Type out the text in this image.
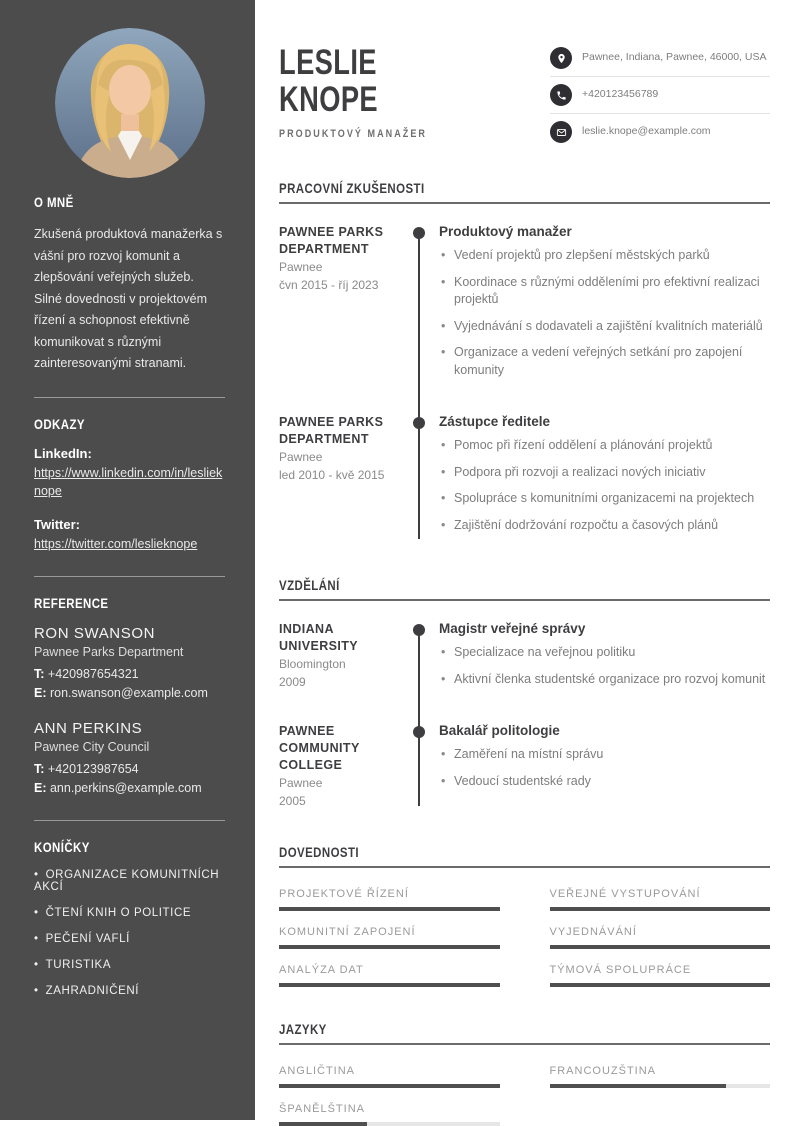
O MNĚ

Zkušená produktová manažerka s vášní pro rozvoj komunit a zlepšování veřejných služeb. Silné dovednosti v projektovém řízení a schopnost efektivně komunikovat s různými zainteresovanými stranami.

ODKAZY
LinkedIn:
https://www.linkedin.com/in/leslieknope
Twitter:
https://twitter.com/leslieknope
REFERENCE
RON SWANSON
Pawnee Parks Department
T: +420987654321
E: ron.swanson@example.com
ANN PERKINS
Pawnee City Council
T: +420123987654
E: ann.perkins@example.com
KONÍČKY
• ORGANIZACE KOMUNITNÍCH AKCÍ
• ČTENÍ KNIH O POLITICE
• PEČENÍ VAFLÍ
• TURISTIKA
• ZAHRADNIČENÍ
LESLIE
KNOPE
PRODUKTOVÝ MANAŽER
Pawnee, Indiana, Pawnee, 46000, USA
+420123456789
leslie.knope@example.com
PRACOVNÍ ZKUŠENOSTI
PAWNEE PARKS DEPARTMENT
Pawnee
čvn 2015 - říj 2023
Produktový manažer
• Vedení projektů pro zlepšení městských parků
• Koordinace s různými odděleními pro efektivní realizaci projektů
• Vyjednávání s dodavateli a zajištění kvalitních materiálů
• Organizace a vedení veřejných setkání pro zapojení komunity
PAWNEE PARKS DEPARTMENT
Pawnee
led 2010 - kvě 2015
Zástupce ředitele
• Pomoc při řízení oddělení a plánování projektů
• Podpora při rozvoji a realizaci nových iniciativ
• Spolupráce s komunitními organizacemi na projektech
• Zajištění dodržování rozpočtu a časových plánů
VZDĚLÁNÍ
INDIANA UNIVERSITY
Bloomington
2009
Magistr veřejné správy
• Specializace na veřejnou politiku
• Aktivní členka studentské organizace pro rozvoj komunit
PAWNEE COMMUNITY COLLEGE
Pawnee
2005
Bakalář politologie
• Zaměření na místní správu
• Vedoucí studentské rady
DOVEDNOSTI
PROJEKTOVÉ ŘÍZENÍ	VEŘEJNÉ VYSTUPOVÁNÍ
KOMUNITNÍ ZAPOJENÍ	VYJEDNÁVÁNÍ
ANALÝZA DAT	TÝMOVÁ SPOLUPRÁCE
JAZYKY
ANGLIČTINA	FRANCOUZŠTINA
ŠPANĚLŠTINA
